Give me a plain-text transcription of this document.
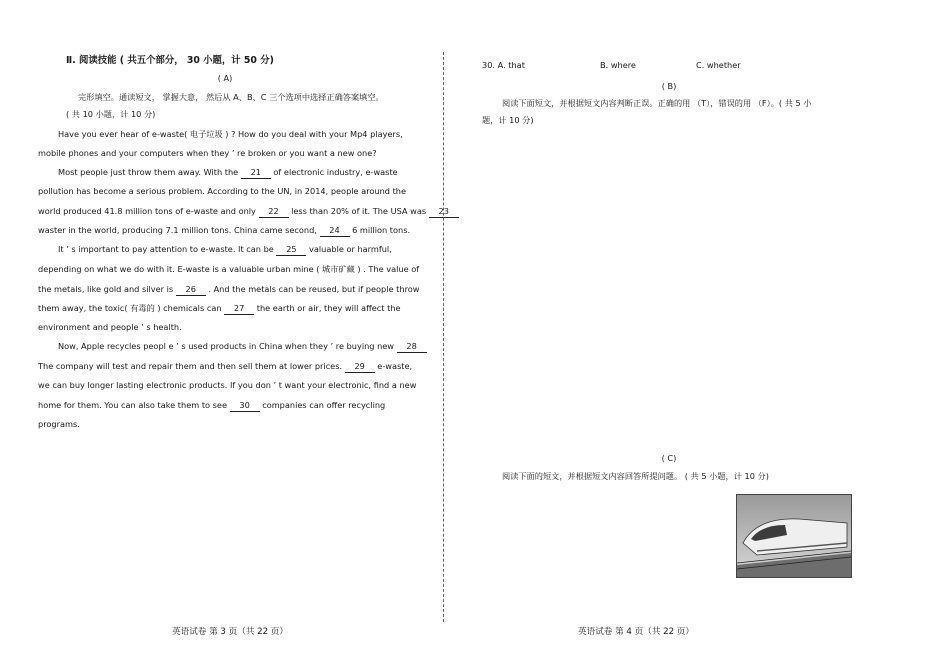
Ⅱ. 阅读技能 ( 共五个部分， 30 小题，计 50 分)
( A)
完形填空。通读短文， 掌握大意， 然后从 A、B、C 三个选项中选择正确答案填空。
( 共 10 小题，计 10 分)
Have you ever hear of e-waste( 电子垃圾 ) ? How do you deal with your Mp4 players,
mobile phones and your computers when they ’ re broken or you want a new one?
Most people just throw them away. With the 21 of electronic industry, e-waste
pollution has become a serious problem. According to the UN, in 2014, people around the
world produced 41.8 million tons of e-waste and only 22 less than 20% of it. The USA was 23
waster in the world, producing 7.1 million tons. China came second, 24 6 million tons.
It ’ s important to pay attention to e-waste. It can be 25 valuable or harmful,
depending on what we do with it. E-waste is a valuable urban mine ( 城市矿藏 ) . The value of
the metals, like gold and silver is 26 . And the metals can be reused, but if people throw
them away, the toxic( 有毒的 ) chemicals can 27 the earth or air, they will affect the
environment and people ’ s health.
Now, Apple recycles peopl e ’ s used products in China when they ’ re buying new 28
The company will test and repair them and then sell them at lower prices. 29 e-waste,
we can buy longer lasting electronic products. If you don ’ t want your electronic, find a new
home for them. You can also take them to see 30 companies can offer recycling
programs.
英语试卷 第 3 页（共 22 页）
30. A. that	B. where	C. whether
( B)
阅读下面短文，并根据短文内容判断正误。正确的用 （T），错误的用 （F）。( 共 5 小
题，计 10 分)
( C)
阅读下面的短文，并根据短文内容回答所提问题。 ( 共 5 小题，计 10 分)
英语试卷 第 4 页（共 22 页）
